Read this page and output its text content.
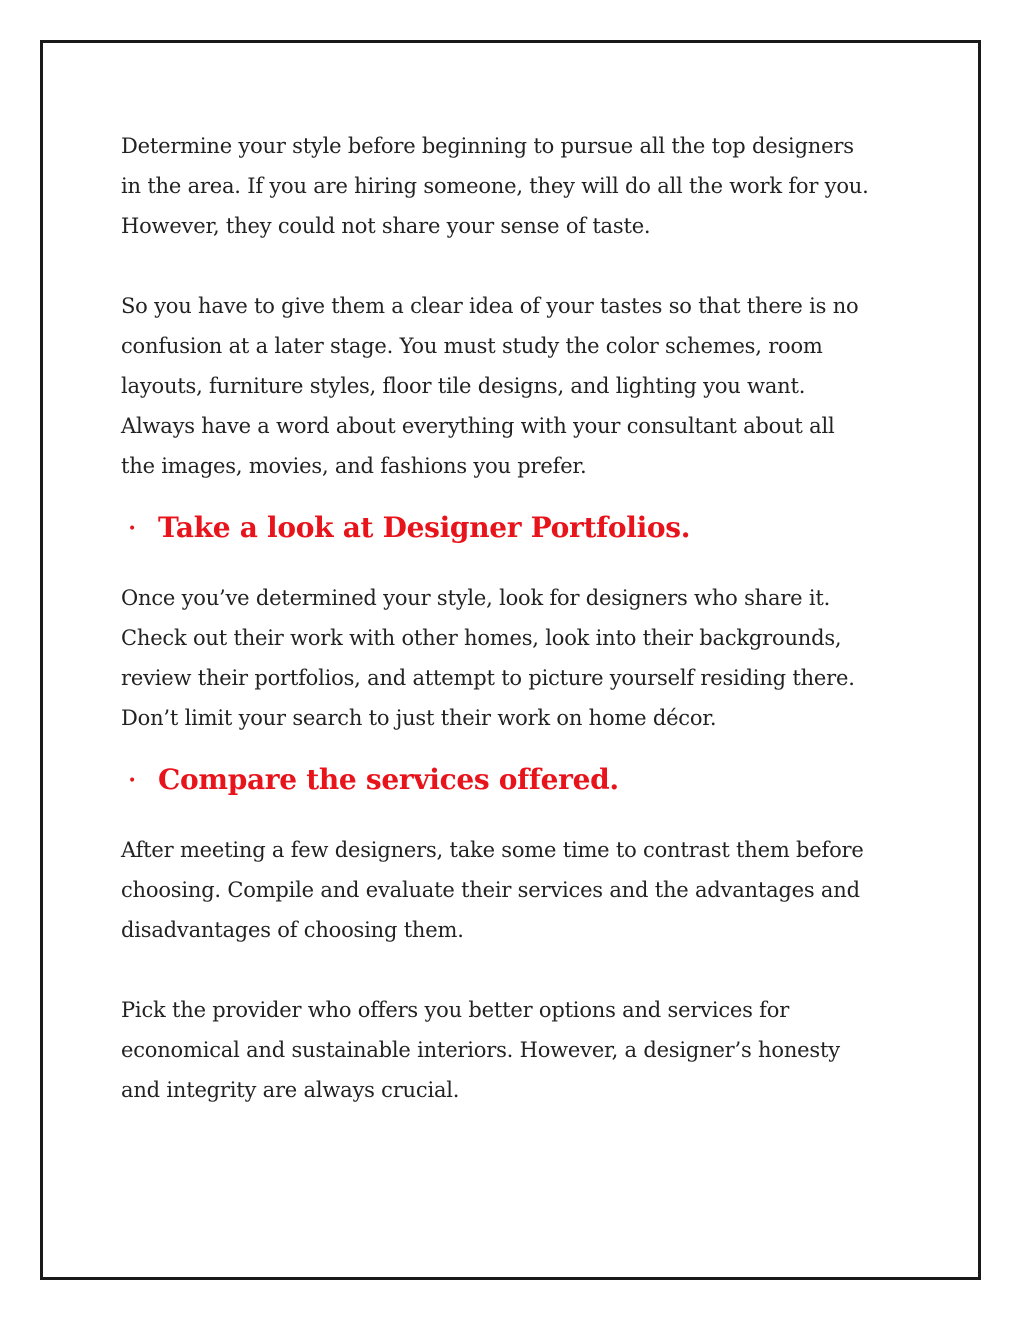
Determine your style before beginning to pursue all the top designers
in the area. If you are hiring someone, they will do all the work for you.
However, they could not share your sense of taste.

So you have to give them a clear idea of your tastes so that there is no
confusion at a later stage. You must study the color schemes, room
layouts, furniture styles, floor tile designs, and lighting you want.
Always have a word about everything with your consultant about all
the images, movies, and fashions you prefer.

• Take a look at Designer Portfolios.

Once you’ve determined your style, look for designers who share it.
Check out their work with other homes, look into their backgrounds,
review their portfolios, and attempt to picture yourself residing there.
Don’t limit your search to just their work on home décor.

• Compare the services offered.

After meeting a few designers, take some time to contrast them before
choosing. Compile and evaluate their services and the advantages and
disadvantages of choosing them.

Pick the provider who offers you better options and services for
economical and sustainable interiors. However, a designer’s honesty
and integrity are always crucial.
